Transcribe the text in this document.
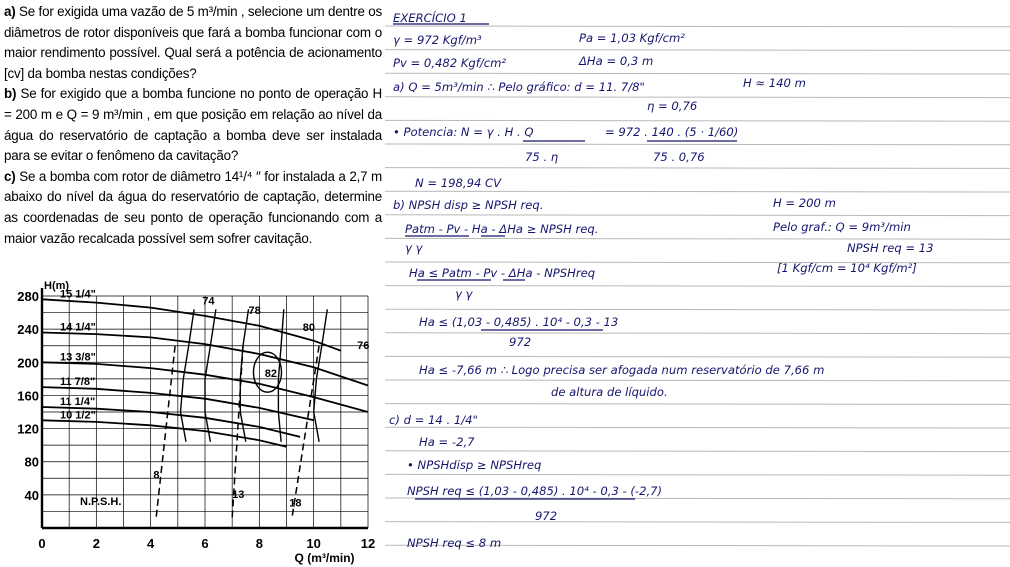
a) Se for exigida uma vazão de 5 m³/min , selecione um dentre os diâmetros de rotor disponíveis que fará a bomba funcionar com o maior rendimento possível. Qual será a potência de acionamento [cv] da bomba nestas condições?
b) Se for exigido que a bomba funcione no ponto de operação H = 200 m e Q = 9 m³/min , em que posição em relação ao nível da água do reservatório de captação a bomba deve ser instalada para se evitar o fenômeno da cavitação?
c) Se a bomba com rotor de diâmetro 14¹/⁴ ″ for instalada a 2,7 m abaixo do nível da água do reservatório de captação, determine as coordenadas de seu ponto de operação funcionando com a maior vazão recalcada possível sem sofrer cavitação.
0	2	4	6	8	10	12
40
80
120
160
200
240
280
Q (m³/min)
H(m)
15 1/4"
14 1/4"
13 3/8"
11 7/8"
11 1/4"
10 1/2"
74
78
80
76
82
8
13
18
N.P.S.H.
EXERCÍCIO 1
γ = 972 Kgf/m³	Pa = 1,03 Kgf/cm²
Pv = 0,482 Kgf/cm²	ΔHa = 0,3 m
a) Q = 5m³/min ∴ Pelo gráfico: d = 11. 7/8"	H ≈ 140 m
η = 0,76
• Potencia: N = γ . H . Q	= 972 . 140 . (5 · 1/60)
75 . η	75 . 0,76
N = 198,94 CV
b) NPSH disp ≥ NPSH req.	H = 200 m
Patm - Pv - Ha - ΔHa ≥ NPSH req.	Pelo graf.: Q = 9m³/min
γ γ	NPSH req = 13
Ha ≤ Patm - Pv - ΔHa - NPSHreq	[1 Kgf/cm = 10⁴ Kgf/m²]
γ γ
Ha ≤ (1,03 - 0,485) . 10⁴ - 0,3 - 13
972
Ha ≤ -7,66 m ∴ Logo precisa ser afogada num reservatório de 7,66 m
de altura de líquido.
c) d = 14 . 1/4"
Ha = -2,7
• NPSHdisp ≥ NPSHreq
NPSH req ≤ (1,03 - 0,485) . 10⁴ - 0,3 - (-2,7)
972
NPSH req ≤ 8 m
